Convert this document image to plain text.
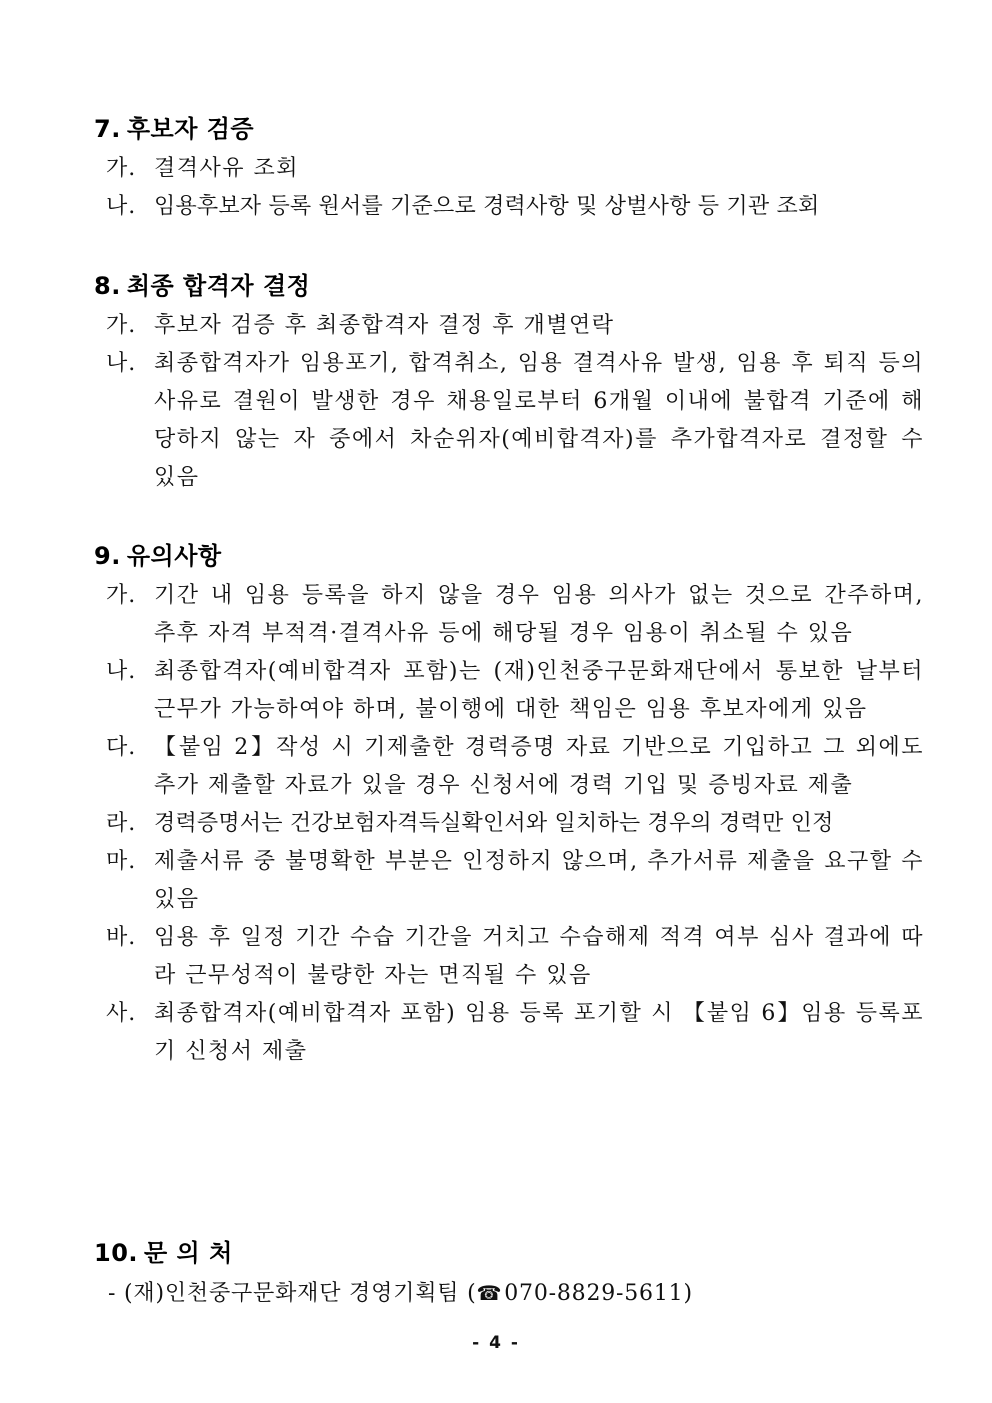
7. 후보자 검증
가. 결격사유 조회
나. 임용후보자 등록 원서를 기준으로 경력사항 및 상벌사항 등 기관 조회
8. 최종 합격자 결정
가. 후보자 검증 후 최종합격자 결정 후 개별연락
나. 최종합격자가 임용포기, 합격취소, 임용 결격사유 발생, 임용 후 퇴직 등의 사유로 결원이 발생한 경우 채용일로부터 6개월 이내에 불합격 기준에 해당하지 않는 자 중에서 차순위자(예비합격자)를 추가합격자로 결정할 수 있음
9. 유의사항
가. 기간 내 임용 등록을 하지 않을 경우 임용 의사가 없는 것으로 간주하며, 추후 자격 부적격·결격사유 등에 해당될 경우 임용이 취소될 수 있음
나. 최종합격자(예비합격자 포함)는 (재)인천중구문화재단에서 통보한 날부터 근무가 가능하여야 하며, 불이행에 대한 책임은 임용 후보자에게 있음
다. 【붙임 2】작성 시 기제출한 경력증명 자료 기반으로 기입하고 그 외에도 추가 제출할 자료가 있을 경우 신청서에 경력 기입 및 증빙자료 제출
라. 경력증명서는 건강보험자격득실확인서와 일치하는 경우의 경력만 인정
마. 제출서류 중 불명확한 부분은 인정하지 않으며, 추가서류 제출을 요구할 수 있음
바. 임용 후 일정 기간 수습 기간을 거치고 수습해제 적격 여부 심사 결과에 따라 근무성적이 불량한 자는 면직될 수 있음
사. 최종합격자(예비합격자 포함) 임용 등록 포기할 시 【붙임 6】임용 등록포기 신청서 제출
10. 문 의 처
- (재)인천중구문화재단 경영기획팀 (☎070-8829-5611)
- 4 -
